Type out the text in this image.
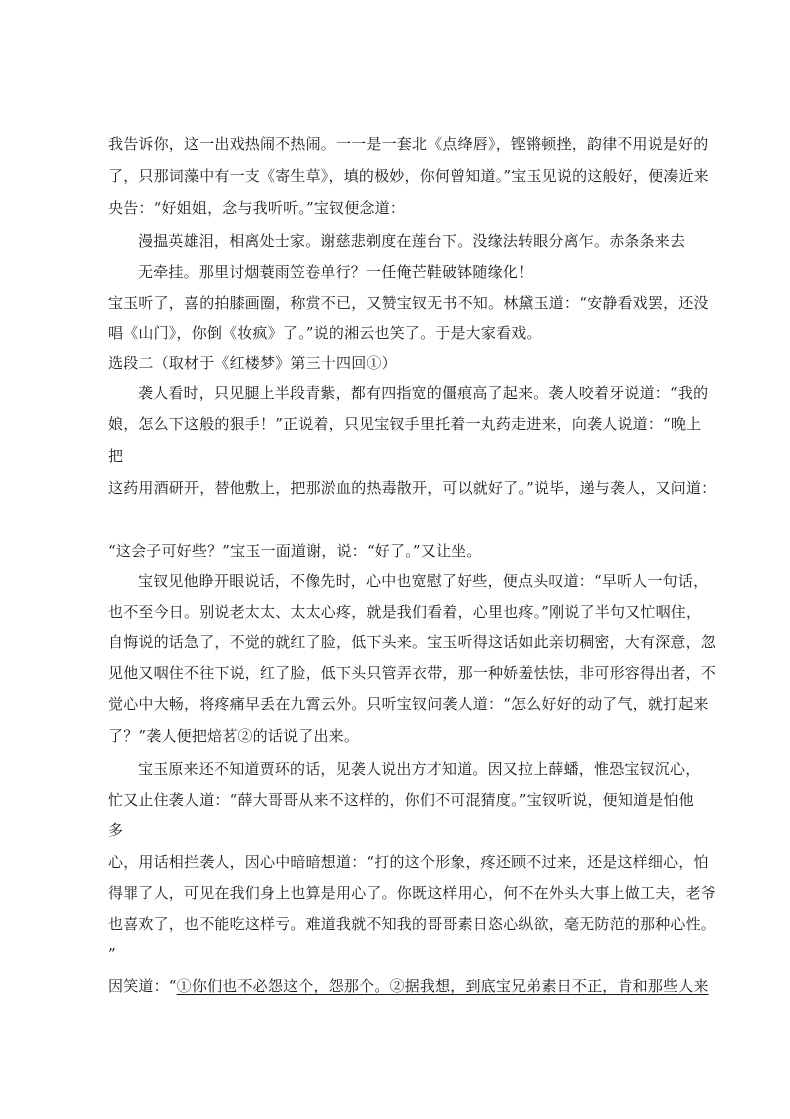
我告诉你，这一出戏热闹不热闹。一一是一套北《点绛唇》，铿锵顿挫，韵律不用说是好的

了，只那词藻中有一支《寄生草》，填的极妙，你何曾知道。”宝玉见说的这般好，便凑近来

央告：“好姐姐，念与我听听。”宝钗便念道：

漫揾英雄泪，相离处士家。谢慈悲剃度在莲台下。没缘法转眼分离乍。赤条条来去

无牵挂。那里讨烟蓑雨笠卷单行？一任俺芒鞋破钵随缘化！

宝玉听了，喜的拍膝画圈，称赏不已，又赞宝钗无书不知。林黛玉道：“安静看戏罢，还没

唱《山门》，你倒《妆疯》了。”说的湘云也笑了。于是大家看戏。

选段二（取材于《红楼梦》第三十四回①）

袭人看时，只见腿上半段青紫，都有四指宽的僵痕高了起来。袭人咬着牙说道：“我的

娘，怎么下这般的狠手！”正说着，只见宝钗手里托着一丸药走进来，向袭人说道：“晚上

把

这药用酒研开，替他敷上，把那淤血的热毒散开，可以就好了。”说毕，递与袭人，又问道：

“这会子可好些？”宝玉一面道谢，说：“好了。”又让坐。

宝钗见他睁开眼说话，不像先时，心中也宽慰了好些，便点头叹道：“早听人一句话，

也不至今日。别说老太太、太太心疼，就是我们看着，心里也疼。”刚说了半句又忙咽住，

自悔说的话急了，不觉的就红了脸，低下头来。宝玉听得这话如此亲切稠密，大有深意，忽

见他又咽住不往下说，红了脸，低下头只管弄衣带，那一种娇羞怯怯，非可形容得出者，不

觉心中大畅，将疼痛早丢在九霄云外。只听宝钗问袭人道：“怎么好好的动了气，就打起来

了？”袭人便把焙茗②的话说了出来。

宝玉原来还不知道贾环的话，见袭人说出方才知道。因又拉上薛蟠，惟恐宝钗沉心，

忙又止住袭人道：“薛大哥哥从来不这样的，你们不可混猜度。”宝钗听说，便知道是怕他

多

心，用话相拦袭人，因心中暗暗想道：“打的这个形象，疼还顾不过来，还是这样细心，怕

得罪了人，可见在我们身上也算是用心了。你既这样用心，何不在外头大事上做工夫，老爷

也喜欢了，也不能吃这样亏。难道我就不知我的哥哥素日恣心纵欲，毫无防范的那种心性。

”

因笑道：“①你们也不必怨这个，怨那个。②据我想，到底宝兄弟素日不正，肯和那些人来
